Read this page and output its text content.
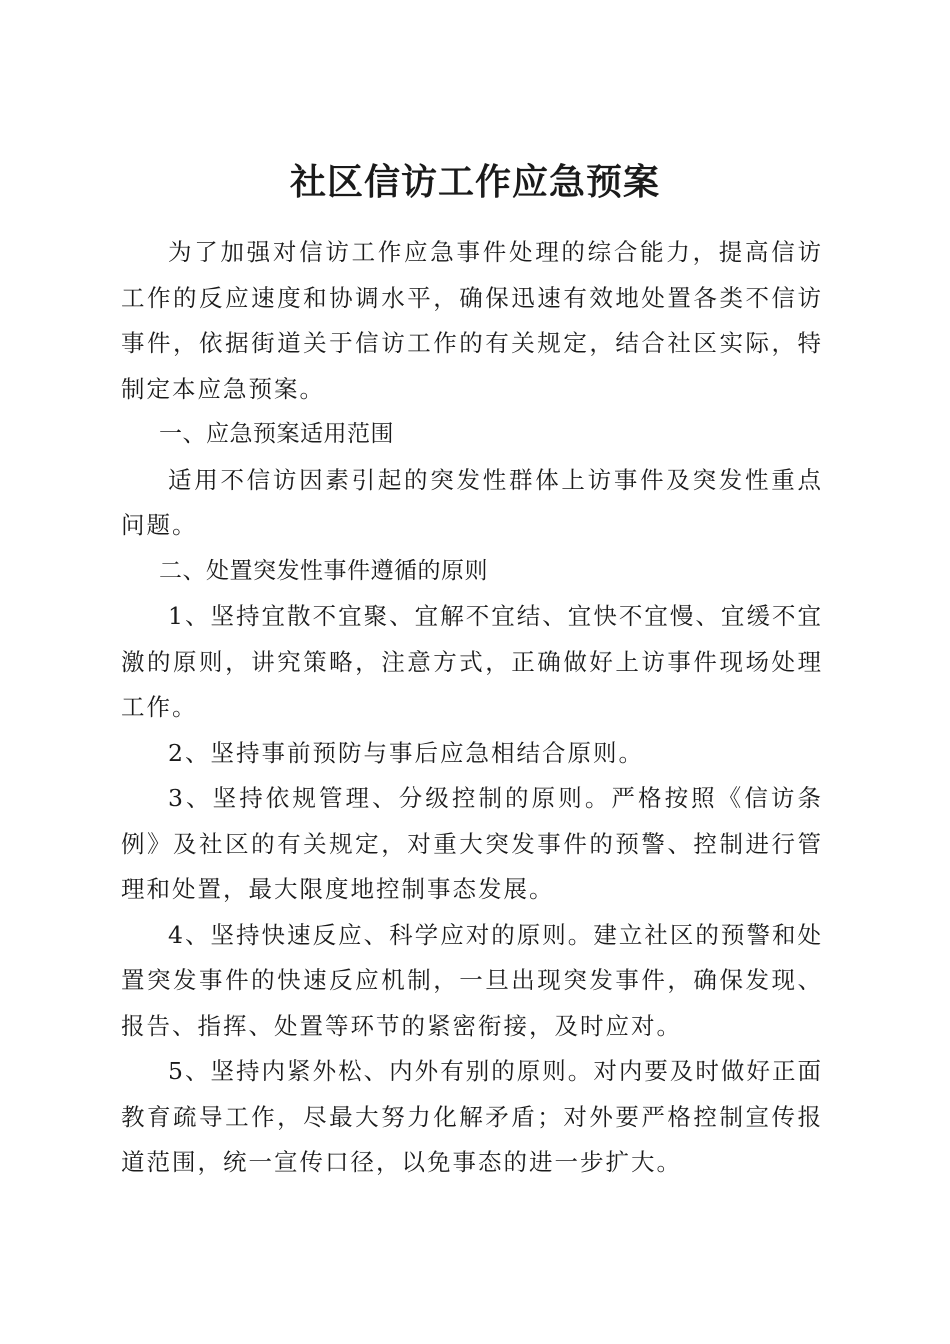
社区信访工作应急预案

为了加强对信访工作应急事件处理的综合能力，提高信访工作的反应速度和协调水平，确保迅速有效地处置各类不信访事件，依据街道关于信访工作的有关规定，结合社区实际，特制定本应急预案。

一、应急预案适用范围

适用不信访因素引起的突发性群体上访事件及突发性重点问题。

二、处置突发性事件遵循的原则

1、坚持宜散不宜聚、宜解不宜结、宜快不宜慢、宜缓不宜激的原则，讲究策略，注意方式，正确做好上访事件现场处理工作。

2、坚持事前预防与事后应急相结合原则。

3、坚持依规管理、分级控制的原则。严格按照《信访条例》及社区的有关规定，对重大突发事件的预警、控制进行管理和处置，最大限度地控制事态发展。

4、坚持快速反应、科学应对的原则。建立社区的预警和处置突发事件的快速反应机制，一旦出现突发事件，确保发现、报告、指挥、处置等环节的紧密衔接，及时应对。

5、坚持内紧外松、内外有别的原则。对内要及时做好正面教育疏导工作，尽最大努力化解矛盾；对外要严格控制宣传报道范围，统一宣传口径，以免事态的进一步扩大。
